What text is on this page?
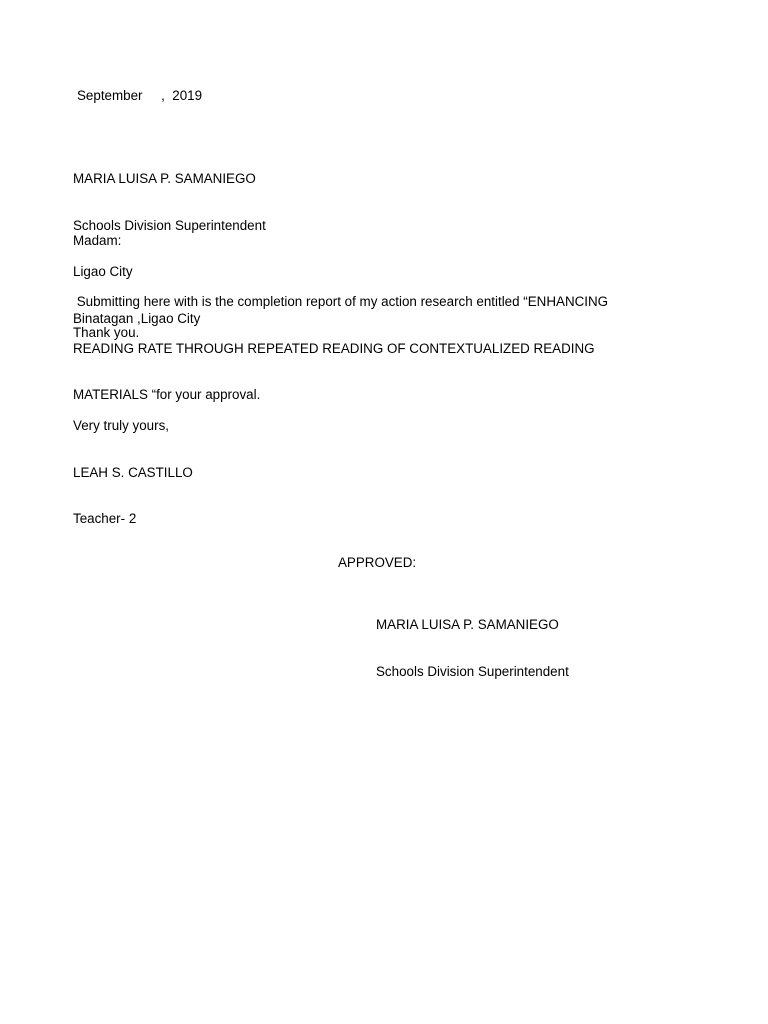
September     ,  2019

MARIA LUISA P. SAMANIEGO

Schools Division Superintendent

Ligao City

Binatagan ,Ligao City

Madam:

Submitting here with is the completion report of my action research entitled “ENHANCING

READING RATE THROUGH REPEATED READING OF CONTEXTUALIZED READING

MATERIALS “for your approval.

Thank you.

Very truly yours,

LEAH S. CASTILLO

Teacher- 2

APPROVED:

MARIA LUISA P. SAMANIEGO

Schools Division Superintendent
